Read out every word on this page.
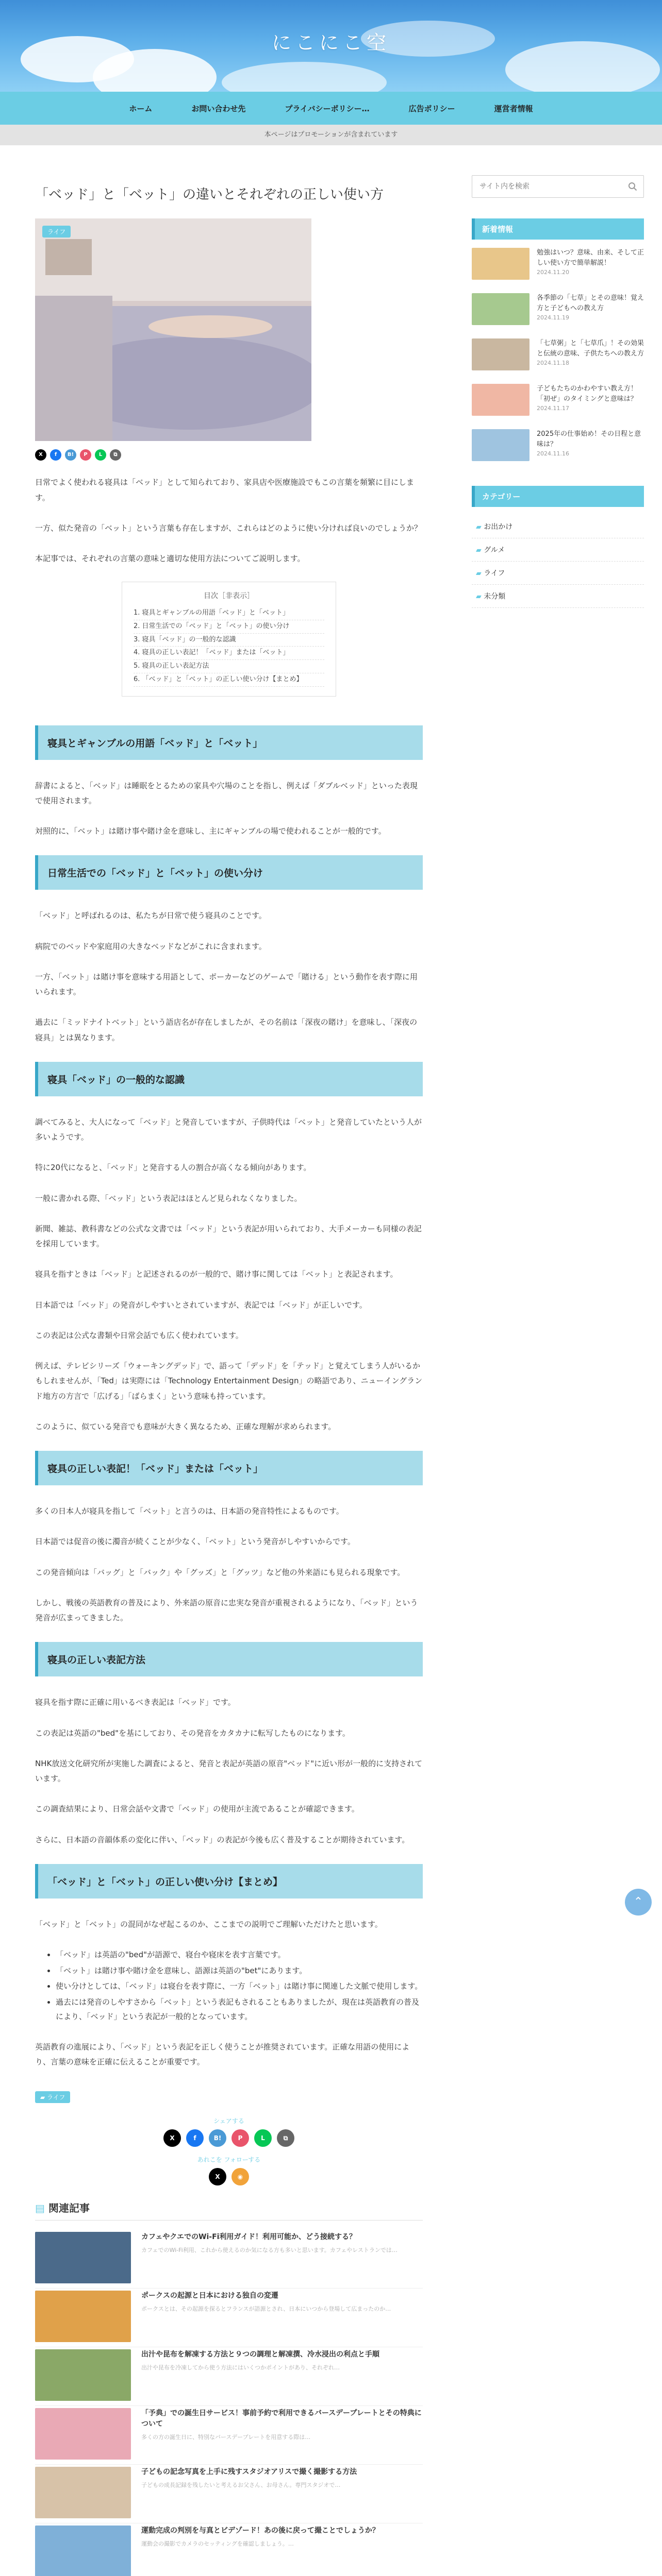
にこにこ空
ホーム	お問い合わせ先	プライバシーポリシー…	広告ポリシー	運営者情報
本ページはプロモーションが含まれています
「ベッド」と「ベット」の違いとそれぞれの正しい使い方
ライフ
X	f	B!	P	L	⧉

日常でよく使われる寝具は「ベッド」として知られており、家具店や医療施設でもこの言葉を頻繁に目にします。

一方、似た発音の「ベット」という言葉も存在しますが、これらはどのように使い分ければ良いのでしょうか？

本記事では、それぞれの言葉の意味と適切な使用方法についてご説明します。

目次［非表示］
1. 寝具とギャンブルの用語「ベッド」と「ベット」
2. 日常生活での「ベッド」と「ベット」の使い分け
3. 寝具「ベッド」の一般的な認識
4. 寝具の正しい表記！「ベッド」または「ベット」
5. 寝具の正しい表記方法
6. 「ベッド」と「ベット」の正しい使い分け【まとめ】
寝具とギャンブルの用語「ベッド」と「ベット」

辞書によると、「ベッド」は睡眠をとるための家具や穴場のことを指し、例えば「ダブルベッド」といった表現で使用されます。

対照的に、「ベット」は賭け事や賭け金を意味し、主にギャンブルの場で使われることが一般的です。

日常生活での「ベッド」と「ベット」の使い分け

「ベッド」と呼ばれるのは、私たちが日常で使う寝具のことです。

病院でのベッドや家庭用の大きなベッドなどがこれに含まれます。

一方、「ベット」は賭け事を意味する用語として、ポーカーなどのゲームで「賭ける」という動作を表す際に用いられます。

過去に「ミッドナイトベット」という語店名が存在しましたが、その名前は「深夜の賭け」を意味し、「深夜の寝具」とは異なります。

寝具「ベッド」の一般的な認識

調べてみると、大人になって「ベッド」と発音していますが、子供時代は「ベット」と発音していたという人が多いようです。

特に20代になると、「ベッド」と発音する人の割合が高くなる傾向があります。

一般に書かれる際、「ベッド」という表記はほとんど見られなくなりました。

新聞、雑誌、教科書などの公式な文書では「ベッド」という表記が用いられており、大手メーカーも同様の表記を採用しています。

寝具を指すときは「ベッド」と記述されるのが一般的で、賭け事に関しては「ベット」と表記されます。

日本語では「ベッド」の発音がしやすいとされていますが、表記では「ベッド」が正しいです。

この表記は公式な書類や日常会話でも広く使われています。

例えば、テレビシリーズ「ウォーキングデッド」で、語って「デッド」を「テッド」と覚えてしまう人がいるかもしれませんが、「Ted」は実際には「Technology Entertainment Design」の略語であり、ニューイングランド地方の方言で「広げる」「ばらまく」という意味も持っています。

このように、似ている発音でも意味が大きく異なるため、正確な理解が求められます。

寝具の正しい表記！「ベッド」または「ベット」

多くの日本人が寝具を指して「ベット」と言うのは、日本語の発音特性によるものです。

日本語では促音の後に濁音が続くことが少なく、「ベット」という発音がしやすいからです。

この発音傾向は「バッグ」と「バック」や「グッズ」と「グッツ」など他の外来語にも見られる現象です。

しかし、戦後の英語教育の普及により、外来語の原音に忠実な発音が重視されるようになり、「ベッド」という発音が広まってきました。

寝具の正しい表記方法

寝具を指す際に正確に用いるべき表記は「ベッド」です。

この表記は英語の"bed"を基にしており、その発音をカタカナに転写したものになります。

NHK放送文化研究所が実施した調査によると、発音と表記が英語の原音"ベッド"に近い形が一般的に支持されています。

この調査結果により、日常会話や文書で「ベッド」の使用が主流であることが確認できます。

さらに、日本語の音韻体系の変化に伴い、「ベッド」の表記が今後も広く普及することが期待されています。

「ベッド」と「ベット」の正しい使い分け【まとめ】

「ベッド」と「ベット」の混同がなぜ起こるのか、ここまでの説明でご理解いただけたと思います。

• 「ベッド」は英語の"bed"が語源で、寝台や寝床を表す言葉です。
• 「ベット」は賭け事や賭け金を意味し、語源は英語の"bet"にあります。
• 使い分けとしては、「ベッド」は寝台を表す際に、一方「ベット」は賭け事に関連した文脈で使用します。
• 過去には発音のしやすさから「ベット」という表記もされることもありましたが、現在は英語教育の普及により、「ベッド」という表記が一般的となっています。

英語教育の進展により、「ベッド」という表記を正しく使うことが推奨されています。正確な用語の使用により、言葉の意味を正確に伝えることが重要です。

▰ ライフ
シェアする
X	f	B!	P	L	⧉
あれこを フォローする
X	◉
▤ 関連記事
カフェやクエでのWi-Fi利用ガイド！利用可能か、どう接続する？
カフェでのWi-Fi利用、これから使えるのか気になる方も多いと思います。カフェやレストランでは…
ポークスの起源と日本における独自の変遷
ポークスとは、その起源を探るとフランスが語源とされ、日本にいつから登場して広まったのか…
出汁や昆布を解凍する方法と９つの調理と解凍撰、冷水浸出の利点と手順
出汁や昆布を冷凍してから使う方法にはいくつかポイントがあり、それぞれ…
「予典」での誕生日サービス！事前予約で利用できるバースデープレートとその特典について
多くの方の誕生日に、特別なバースデープレートを用意する際は…
子どもの記念写真を上手に残すスタジオアリスで撮く撮影する方法
子どもの成長記録を残したいと考えるお父さん、お母さん。専門スタジオで…
運動完成の判別を与真とビデゾード！あの後に戻って撮ことでしょうか？
運動会の撮影でカメラのセッティングを確認しましょう。…
サイト内を検索
新着情報
勉強はいつ？意味、由来、そして正しい使い方で簡単解説！
2024.11.20
各季節の「七草」とその意味！覚え方と子どもへの教え方
2024.11.19
「七草粥」と「七草爪」！その効果と伝統の意味、子供たちへの教え方
2024.11.18
子どもたちのかわやすい教え方！「初ぜ」のタイミングと意味は？
2024.11.17
2025年の仕事始め！その日程と意味は？
2024.11.16
カテゴリー
▰ お出かけ
▰ グルメ
▰ ライフ
▰ 未分類
⌃
